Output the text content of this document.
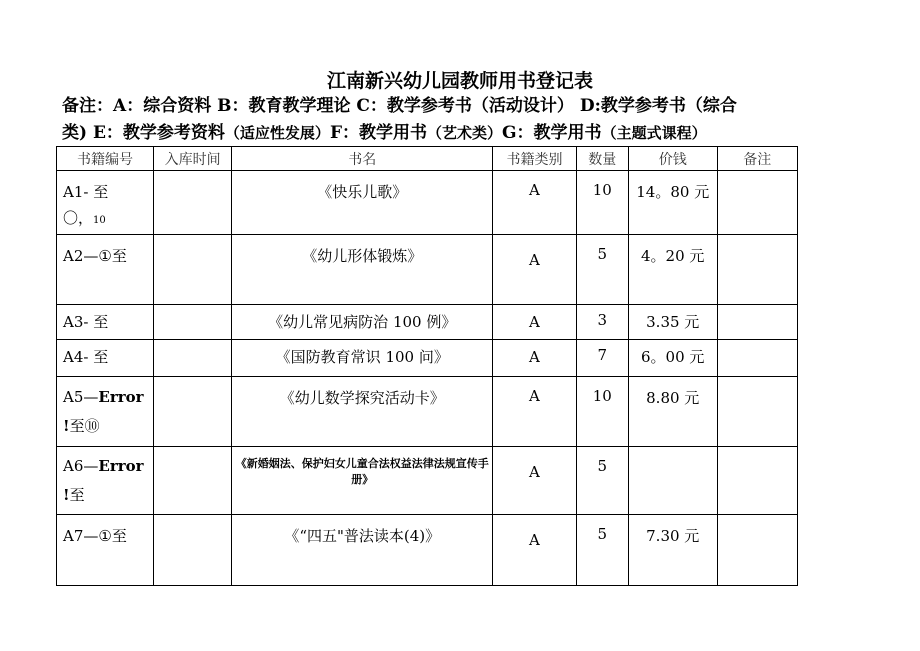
江南新兴幼儿园教师用书登记表
备注：A：综合资料 B：教育教学理论 C：教学参考书（活动设计） D:教学参考书（综合
类) E：教学参考资料（适应性发展）F：教学用书（艺术类）G：教学用书（主题式课程）
书籍编号	入库时间	书名	书籍类别	数量	价钱	备注
A1- 至
〇，10		《快乐儿歌》	A	10	14。80 元	
A2—①至		《幼儿形体锻炼》	A	5	4。20 元	
A3- 至		《幼儿常见病防治 100 例》	A	3	3.35 元	
A4- 至		《国防教育常识 100 问》	A	7	6。00 元	
A5—Error
!至⑩		《幼儿数学探究活动卡》	A	10	8.80 元	
A6—Error
!至		《新婚姻法、保护妇女儿童合法权益法律法规宣传手册》	A	5		
A7—①至		《“四五"普法读本(4)》	A	5	7.30 元	
